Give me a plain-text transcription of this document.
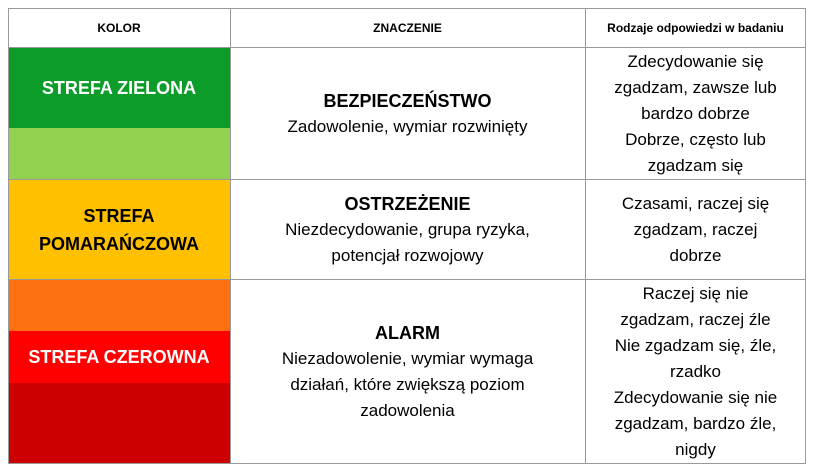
KOLOR	ZNACZENIE	Rodzaje odpowiedzi w badaniu
STREFA ZIELONA
STREFA
POMARAŃCZOWA
STREFA CZEROWNA
BEZPIECZEŃSTWO
Zadowolenie, wymiar rozwinięty
OSTRZEŻENIE
Niezdecydowanie, grupa ryzyka,
potencjał rozwojowy
ALARM
Niezadowolenie, wymiar wymaga
działań, które zwiększą poziom
zadowolenia
Zdecydowanie się
zgadzam, zawsze lub
bardzo dobrze
Dobrze, często lub
zgadzam się
Czasami, raczej się
zgadzam, raczej
dobrze
Raczej się nie
zgadzam, raczej źle
Nie zgadzam się, źle,
rzadko
Zdecydowanie się nie
zgadzam, bardzo źle,
nigdy
